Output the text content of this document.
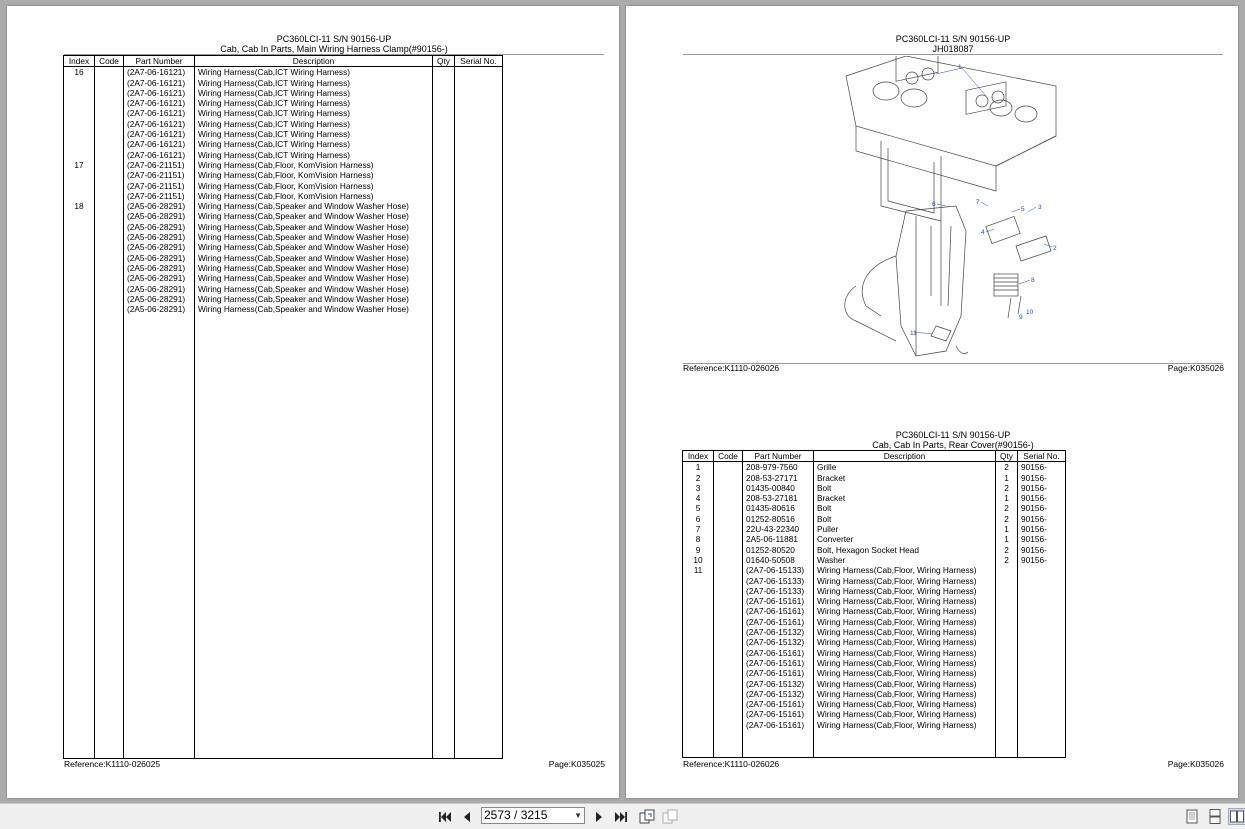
PC360LCI-11 S/N 90156-UP
Cab, Cab In Parts, Main Wiring Harness Clamp(#90156-)
Index	Code	Part Number	Description	Qty	Serial No.
16		(2A7-06-16121)	Wiring Harness(Cab,ICT Wiring Harness)		
		(2A7-06-16121)	Wiring Harness(Cab,ICT Wiring Harness)		
		(2A7-06-16121)	Wiring Harness(Cab,ICT Wiring Harness)		
		(2A7-06-16121)	Wiring Harness(Cab,ICT Wiring Harness)		
		(2A7-06-16121)	Wiring Harness(Cab,ICT Wiring Harness)		
		(2A7-06-16121)	Wiring Harness(Cab,ICT Wiring Harness)		
		(2A7-06-16121)	Wiring Harness(Cab,ICT Wiring Harness)		
		(2A7-06-16121)	Wiring Harness(Cab,ICT Wiring Harness)		
		(2A7-06-16121)	Wiring Harness(Cab,ICT Wiring Harness)		
17		(2A7-06-21151)	Wiring Harness(Cab,Floor, KomVision Harness)		
		(2A7-06-21151)	Wiring Harness(Cab,Floor, KomVision Harness)		
		(2A7-06-21151)	Wiring Harness(Cab,Floor, KomVision Harness)		
		(2A7-06-21151)	Wiring Harness(Cab,Floor, KomVision Harness)		
18		(2A5-06-28291)	Wiring Harness(Cab,Speaker and Window Washer Hose)		
		(2A5-06-28291)	Wiring Harness(Cab,Speaker and Window Washer Hose)		
		(2A5-06-28291)	Wiring Harness(Cab,Speaker and Window Washer Hose)		
		(2A5-06-28291)	Wiring Harness(Cab,Speaker and Window Washer Hose)		
		(2A5-06-28291)	Wiring Harness(Cab,Speaker and Window Washer Hose)		
		(2A5-06-28291)	Wiring Harness(Cab,Speaker and Window Washer Hose)		
		(2A5-06-28291)	Wiring Harness(Cab,Speaker and Window Washer Hose)		
		(2A5-06-28291)	Wiring Harness(Cab,Speaker and Window Washer Hose)		
		(2A5-06-28291)	Wiring Harness(Cab,Speaker and Window Washer Hose)		
		(2A5-06-28291)	Wiring Harness(Cab,Speaker and Window Washer Hose)		
		(2A5-06-28291)	Wiring Harness(Cab,Speaker and Window Washer Hose)		

Reference:K1110-026025	Page:K035025
PC360LCI-11 S/N 90156-UP
JH018087
1
2
3
4
5
6	7
8
9
10
11
Reference:K1110-026026	Page:K035026
PC360LCI-11 S/N 90156-UP
Cab, Cab In Parts, Rear Cover(#90156-)
Index	Code	Part Number	Description	Qty	Serial No.
1		208-979-7560	Grille	2	90156-
2		208-53-27171	Bracket	1	90156-
3		01435-00840	Bolt	2	90156-
4		208-53-27181	Bracket	1	90156-
5		01435-80616	Bolt	2	90156-
6		01252-80516	Bolt	2	90156-
7		22U-43-22340	Puller	1	90156-
8		2A5-06-11881	Converter	1	90156-
9		01252-80520	Bolt, Hexagon Socket Head	2	90156-
10		01640-50508	Washer	2	90156-
11		(2A7-06-15133)	Wiring Harness(Cab,Floor, Wiring Harness)		
		(2A7-06-15133)	Wiring Harness(Cab,Floor, Wiring Harness)		
		(2A7-06-15133)	Wiring Harness(Cab,Floor, Wiring Harness)		
		(2A7-06-15161)	Wiring Harness(Cab,Floor, Wiring Harness)		
		(2A7-06-15161)	Wiring Harness(Cab,Floor, Wiring Harness)		
		(2A7-06-15161)	Wiring Harness(Cab,Floor, Wiring Harness)		
		(2A7-06-15132)	Wiring Harness(Cab,Floor, Wiring Harness)		
		(2A7-06-15132)	Wiring Harness(Cab,Floor, Wiring Harness)		
		(2A7-06-15161)	Wiring Harness(Cab,Floor, Wiring Harness)		
		(2A7-06-15161)	Wiring Harness(Cab,Floor, Wiring Harness)		
		(2A7-06-15161)	Wiring Harness(Cab,Floor, Wiring Harness)		
		(2A7-06-15132)	Wiring Harness(Cab,Floor, Wiring Harness)		
		(2A7-06-15132)	Wiring Harness(Cab,Floor, Wiring Harness)		
		(2A7-06-15161)	Wiring Harness(Cab,Floor, Wiring Harness)		
		(2A7-06-15161)	Wiring Harness(Cab,Floor, Wiring Harness)		
		(2A7-06-15161)	Wiring Harness(Cab,Floor, Wiring Harness)		

Reference:K1110-026026	Page:K035026
2573 / 3215	▼
